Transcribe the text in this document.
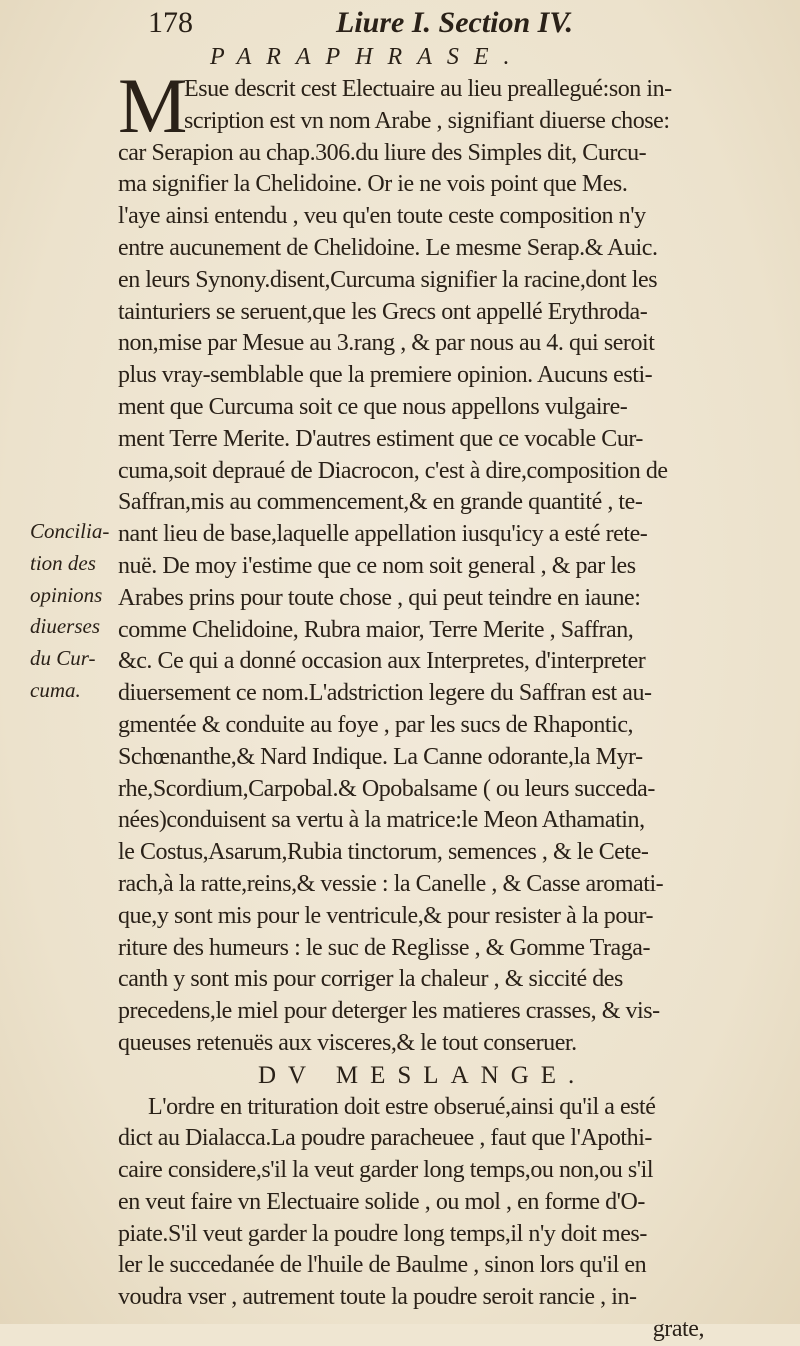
178	Liure I. Section IV.
PARAPHRASE.
M
Esue descrit cest Electuaire au lieu preallegué:son in-
scription est vn nom Arabe , signifiant diuerse chose:
car Serapion au chap.306.du liure des Simples dit, Curcu-
ma signifier la Chelidoine. Or ie ne vois point que Mes.
l'aye ainsi entendu , veu qu'en toute ceste composition n'y
entre aucunement de Chelidoine. Le mesme Serap.& Auic.
en leurs Synony.disent,Curcuma signifier la racine,dont les
tainturiers se seruent,que les Grecs ont appellé Erythroda-
non,mise par Mesue au 3.rang , & par nous au 4. qui seroit
plus vray-semblable que la premiere opinion. Aucuns esti-
ment que Curcuma soit ce que nous appellons vulgaire-
ment Terre Merite. D'autres estiment que ce vocable Cur-
cuma,soit depraué de Diacrocon, c'est à dire,composition de
Saffran,mis au commencement,& en grande quantité , te-
nant lieu de base,laquelle appellation iusqu'icy a esté rete-
nuë. De moy i'estime que ce nom soit general , & par les
Arabes prins pour toute chose , qui peut teindre en iaune:
comme Chelidoine, Rubra maior, Terre Merite , Saffran,
&c. Ce qui a donné occasion aux Interpretes, d'interpreter
diuersement ce nom.L'adstriction legere du Saffran est au-
gmentée & conduite au foye , par les sucs de Rhapontic,
Schœnanthe,& Nard Indique. La Canne odorante,la Myr-
rhe,Scordium,Carpobal.& Opobalsame ( ou leurs succeda-
nées)conduisent sa vertu à la matrice:le Meon Athamatin,
le Costus,Asarum,Rubia tinctorum, semences , & le Cete-
rach,à la ratte,reins,& vessie : la Canelle , & Casse aromati-
que,y sont mis pour le ventricule,& pour resister à la pour-
riture des humeurs : le suc de Reglisse , & Gomme Traga-
canth y sont mis pour corriger la chaleur , & siccité des
precedens,le miel pour deterger les matieres crasses, & vis-
queuses retenuës aux visceres,& le tout conseruer.
DV MESLANGE.
L'ordre en trituration doit estre obserué,ainsi qu'il a esté
dict au Dialacca.La poudre paracheuee , faut que l'Apothi-
caire considere,s'il la veut garder long temps,ou non,ou s'il
en veut faire vn Electuaire solide , ou mol , en forme d'O-
piate.S'il veut garder la poudre long temps,il n'y doit mes-
ler le succedanée de l'huile de Baulme , sinon lors qu'il en
voudra vser , autrement toute la poudre seroit rancie , in-
grate,
Concilia-
tion des
opinions
diuerses
du Cur-
cuma.
